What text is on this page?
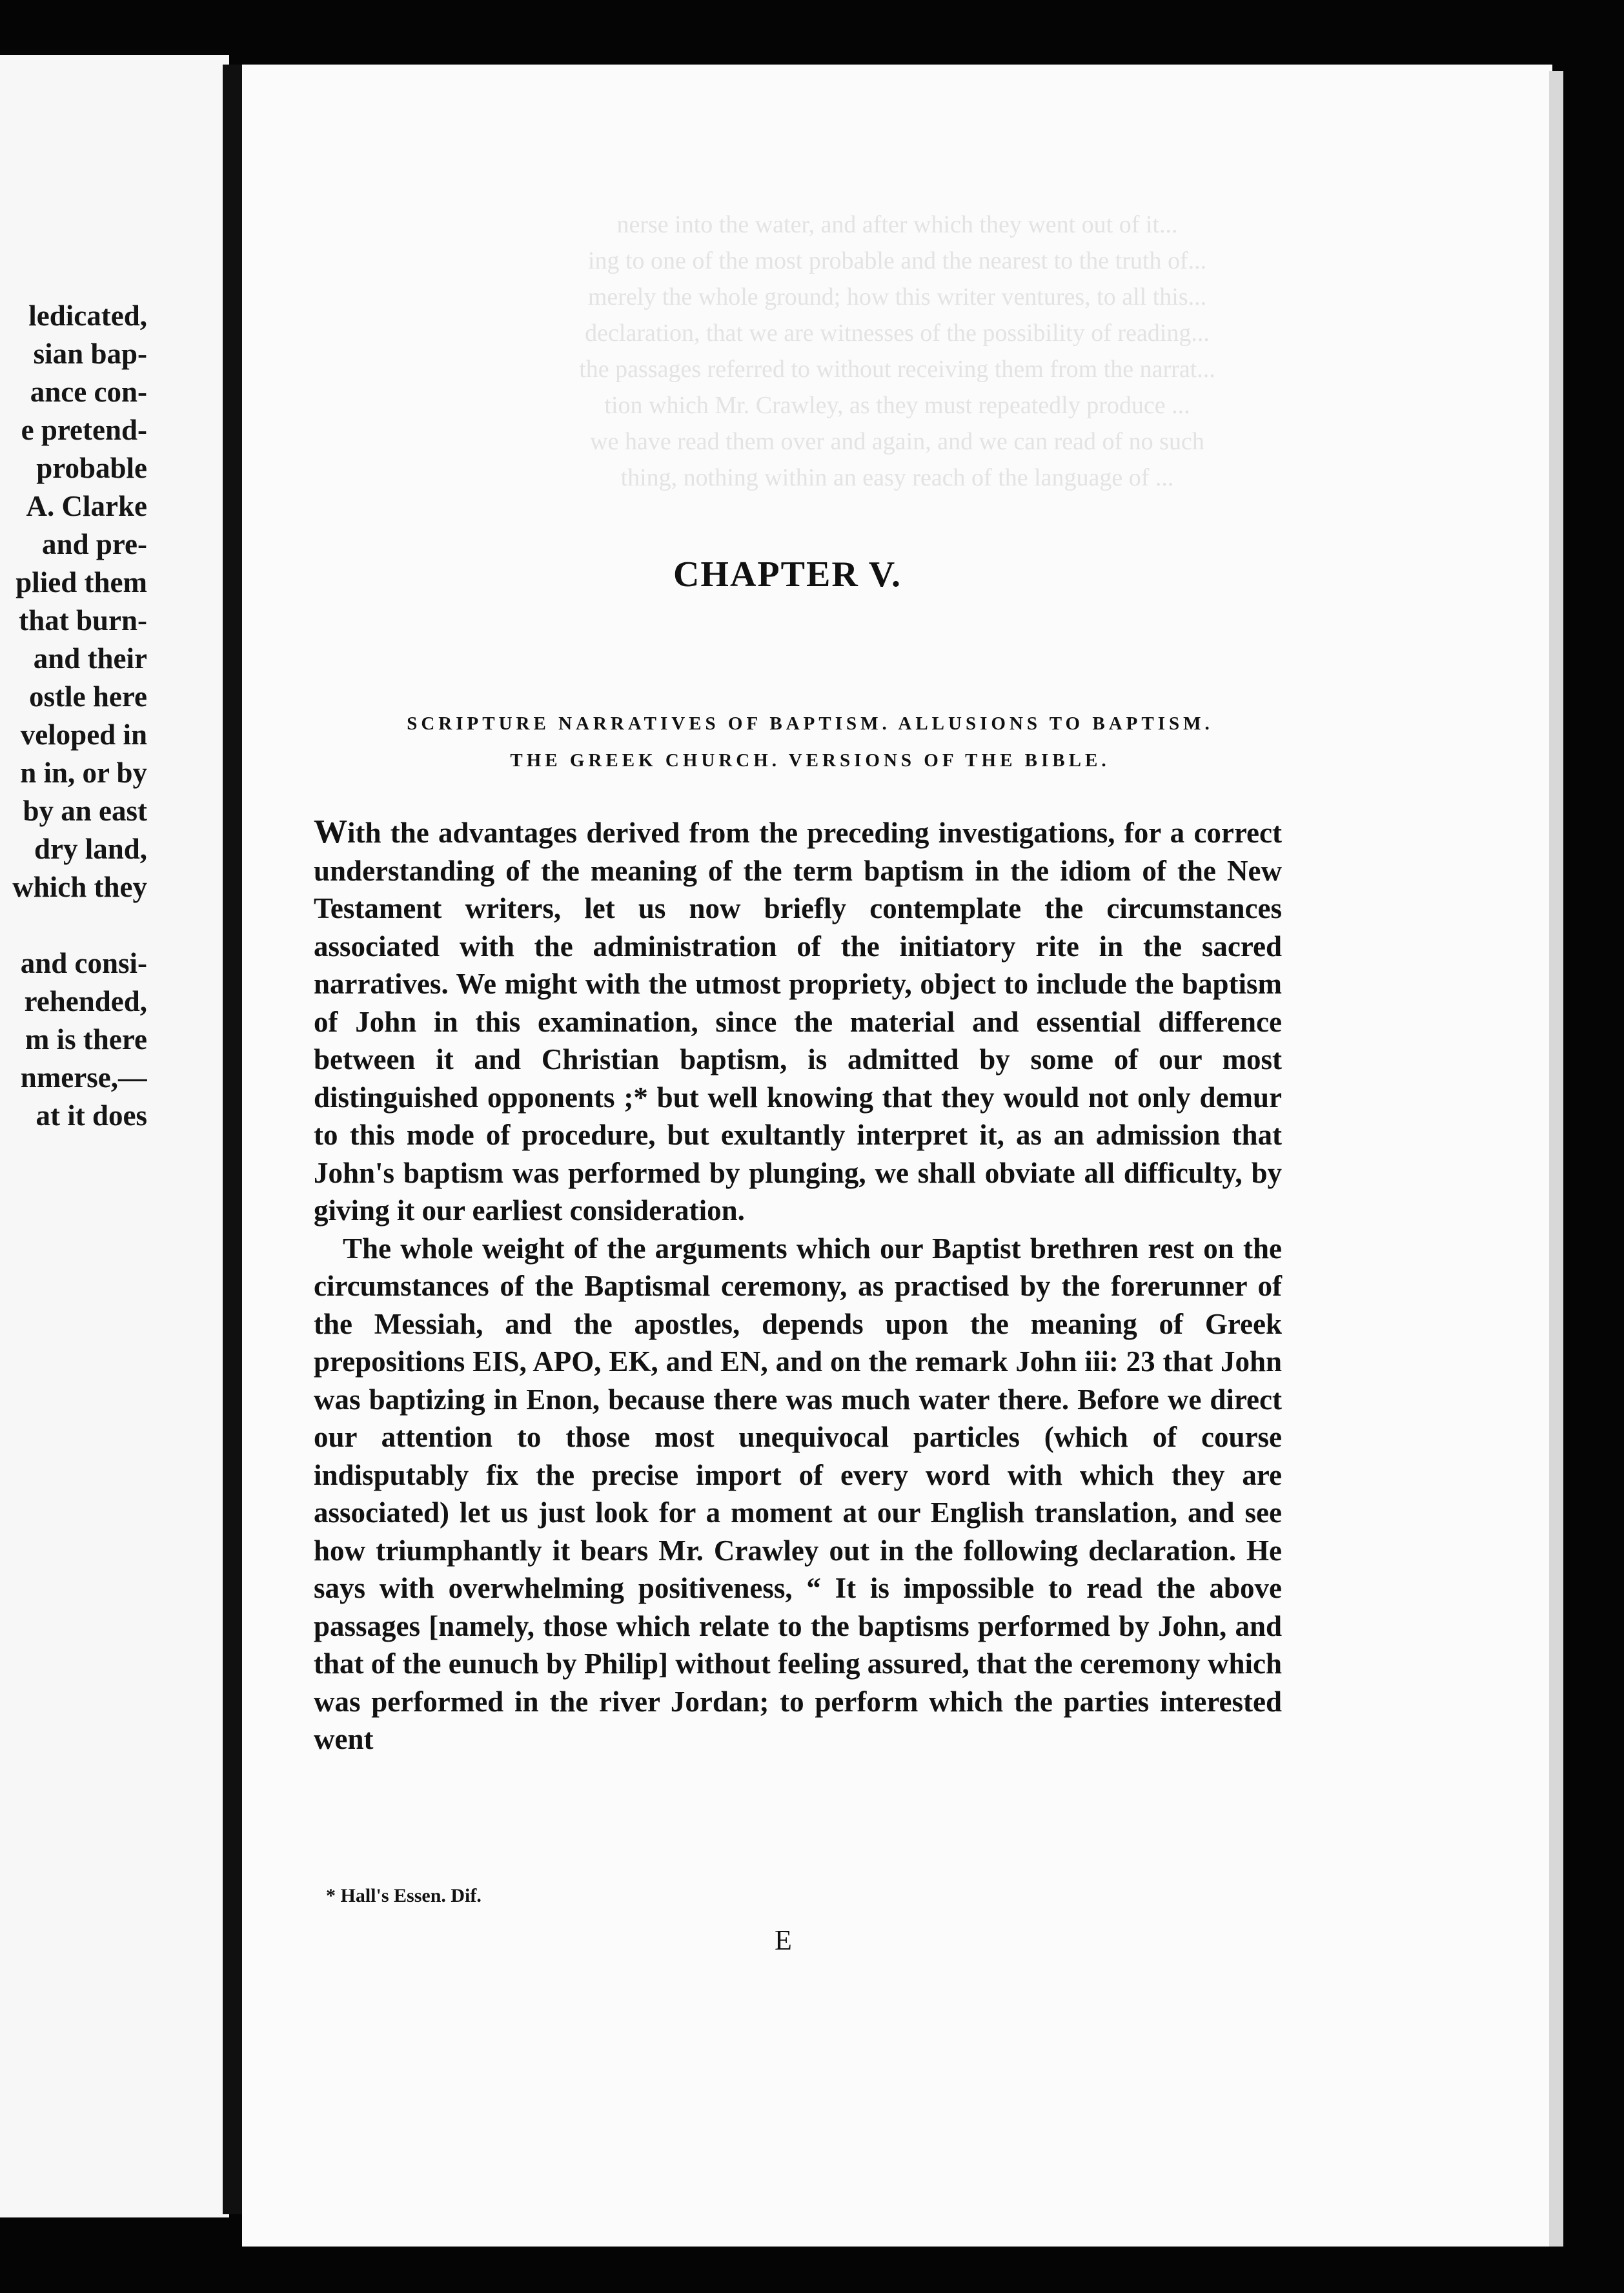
ledicated,
sian bap-
ance con-
e pretend-
probable
A. Clarke
and pre-
plied them
that burn-
and their
ostle here
veloped in
n in, or by
by an east
dry land,
which they
and consi-
rehended,
m is there
nmerse,—
at it does
nerse into the water, and after which they went out of it...
ing to one of the most probable and the nearest to the truth of...
merely the whole ground; how this writer ventures, to all this...
declaration, that we are witnesses of the possibility of reading...
the passages referred to without receiving them from the narrat...
tion which Mr. Crawley, as they must repeatedly produce ...
we have read them over and again, and we can read of no such
thing, nothing within an easy reach of the language of ...
CHAPTER V.
SCRIPTURE NARRATIVES OF BAPTISM. ALLUSIONS TO BAPTISM.
THE GREEK CHURCH. VERSIONS OF THE BIBLE.

With the advantages derived from the preceding investigations, for a correct understanding of the meaning of the term baptism in the idiom of the New Testament writers, let us now briefly contemplate the circumstances associated with the administration of the initiatory rite in the sacred narratives. We might with the utmost propriety, object to include the baptism of John in this examination, since the material and essential difference between it and Christian baptism, is admitted by some of our most distinguished opponents ;* but well knowing that they would not only demur to this mode of procedure, but exultantly interpret it, as an admission that John's baptism was performed by plunging, we shall obviate all difficulty, by giving it our earliest consideration.

The whole weight of the arguments which our Baptist brethren rest on the circumstances of the Baptismal ceremony, as practised by the forerunner of the Messiah, and the apostles, depends upon the meaning of Greek prepositions EIS, APO, EK, and EN, and on the remark John iii: 23 that John was baptizing in Enon, because there was much water there. Before we direct our attention to those most unequivocal particles (which of course indisputably fix the precise import of every word with which they are associated) let us just look for a moment at our English translation, and see how triumphantly it bears Mr. Crawley out in the following declaration. He says with overwhelming positiveness, “ It is impossible to read the above passages [namely, those which relate to the baptisms performed by John, and that of the eunuch by Philip] without feeling assured, that the ceremony which was performed in the river Jordan; to perform which the parties interested went

* Hall's Essen. Dif.
E
